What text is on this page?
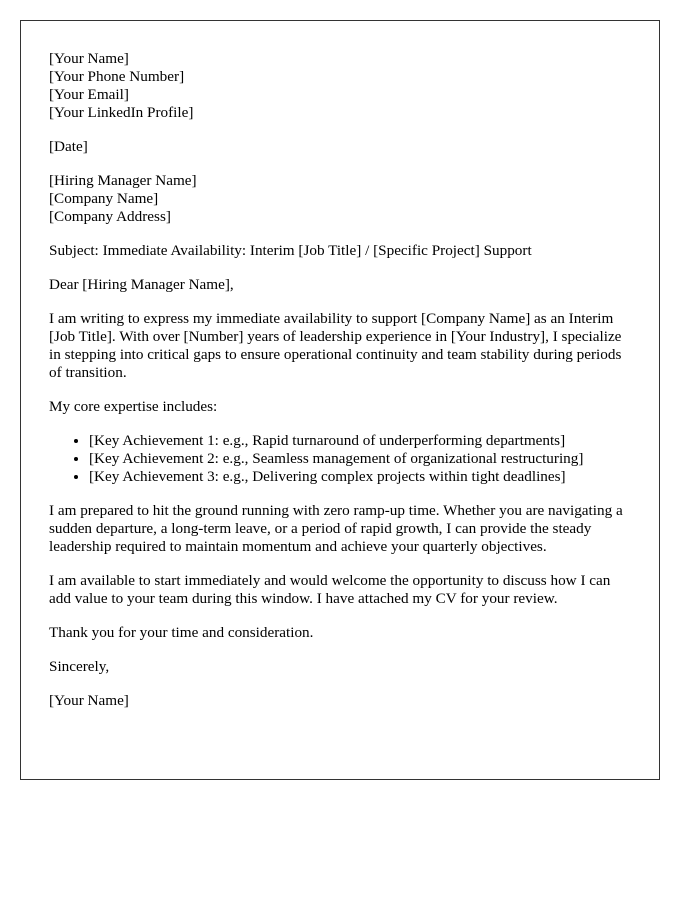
[Your Name]
[Your Phone Number]
[Your Email]
[Your LinkedIn Profile]
[Date]
[Hiring Manager Name]
[Company Name]
[Company Address]

Subject: Immediate Availability: Interim [Job Title] / [Specific Project] Support

Dear [Hiring Manager Name],

I am writing to express my immediate availability to support [Company Name] as an Interim [Job Title]. With over [Number] years of leadership experience in [Your Industry], I specialize in stepping into critical gaps to ensure operational continuity and team stability during periods of transition.

My core expertise includes:

• [Key Achievement 1: e.g., Rapid turnaround of underperforming departments]
• [Key Achievement 2: e.g., Seamless management of organizational restructuring]
• [Key Achievement 3: e.g., Delivering complex projects within tight deadlines]

I am prepared to hit the ground running with zero ramp-up time. Whether you are navigating a sudden departure, a long-term leave, or a period of rapid growth, I can provide the steady leadership required to maintain momentum and achieve your quarterly objectives.

I am available to start immediately and would welcome the opportunity to discuss how I can add value to your team during this window. I have attached my CV for your review.

Thank you for your time and consideration.

Sincerely,

[Your Name]
